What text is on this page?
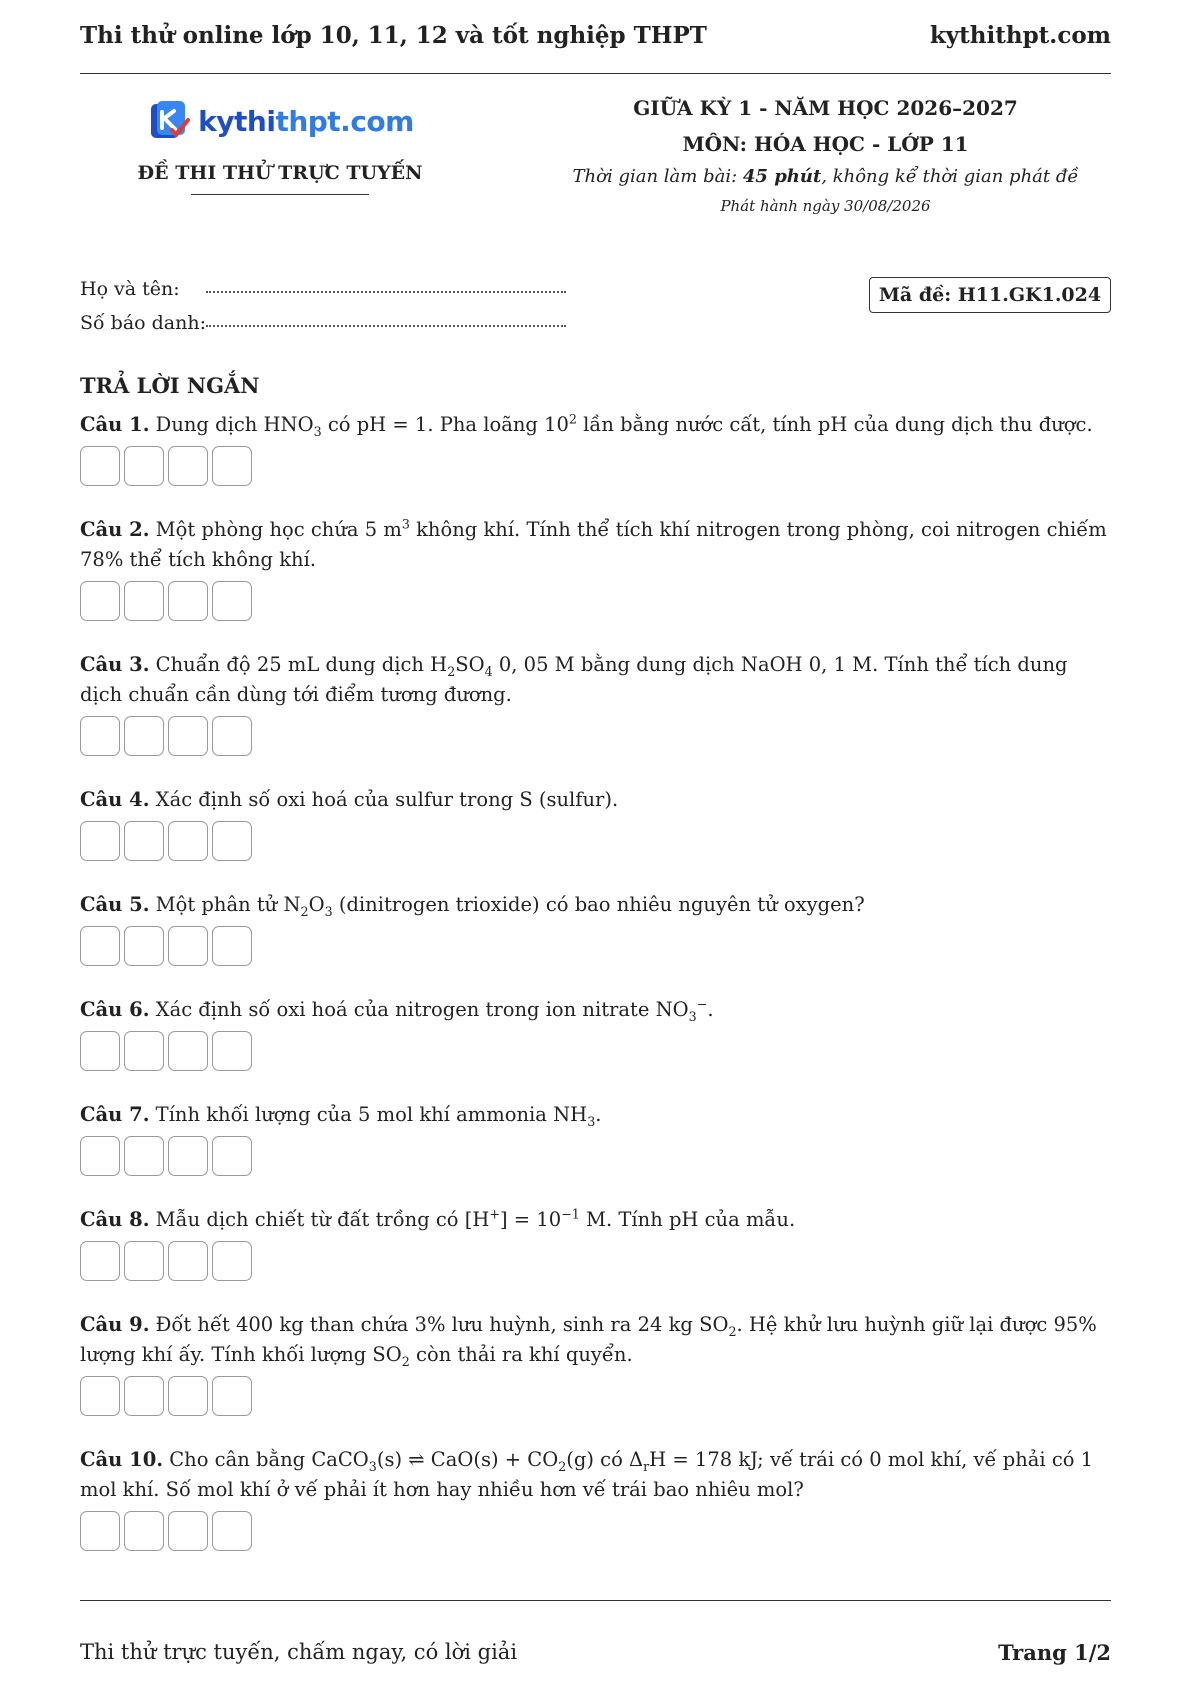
Thi thử online lớp 10, 11, 12 và tốt nghiệp THPT	kythithpt.com
kythithpt.com
ĐỀ THI THỬ TRỰC TUYẾN
GIỮA KỲ 1 - NĂM HỌC 2026–2027
MÔN: HÓA HỌC - LỚP 11
Thời gian làm bài: 45 phút, không kể thời gian phát đề
Phát hành ngày 30/08/2026
Họ và tên:
Số báo danh:
Mã đề: H11.GK1.024
TRẢ LỜI NGẮN
Câu 1. Dung dịch $HNO_3$ có pH = 1. Pha loãng $10^2$ lần bằng nước cất, tính pH của dung dịch thu được.
Câu 2. Một phòng học chứa 5 $m^3$ không khí. Tính thể tích khí nitrogen trong phòng, coi nitrogen chiếm 78% thể tích không khí.
Câu 3. Chuẩn độ 25 mL dung dịch $H_2SO_4$ 0, 05 M bằng dung dịch NaOH 0, 1 M. Tính thể tích dung dịch chuẩn cần dùng tới điểm tương đương.
Câu 4. Xác định số oxi hoá của sulfur trong S (sulfur).
Câu 5. Một phân tử $N_2O_3$ (dinitrogen trioxide) có bao nhiêu nguyên tử oxygen?
Câu 6. Xác định số oxi hoá của nitrogen trong ion nitrate $NO_3^-$.
Câu 7. Tính khối lượng của 5 mol khí ammonia $NH_3$.
Câu 8. Mẫu dịch chiết từ đất trồng có $[H^+] = 10^{-1}$ M. Tính pH của mẫu.
Câu 9. Đốt hết 400 kg than chứa 3% lưu huỳnh, sinh ra 24 kg $SO_2$. Hệ khử lưu huỳnh giữ lại được 95% lượng khí ấy. Tính khối lượng $SO_2$ còn thải ra khí quyển.
Câu 10. Cho cân bằng CaCO$_3$(s) ⇌ $CaO(s) + CO_2(g)$ có $\Delta_rH = 178$ kJ; vế trái có 0 mol khí, vế phải có 1 mol khí. Số mol khí ở vế phải ít hơn hay nhiều hơn vế trái bao nhiêu mol?
Thi thử trực tuyến, chấm ngay, có lời giải	Trang 1/2
